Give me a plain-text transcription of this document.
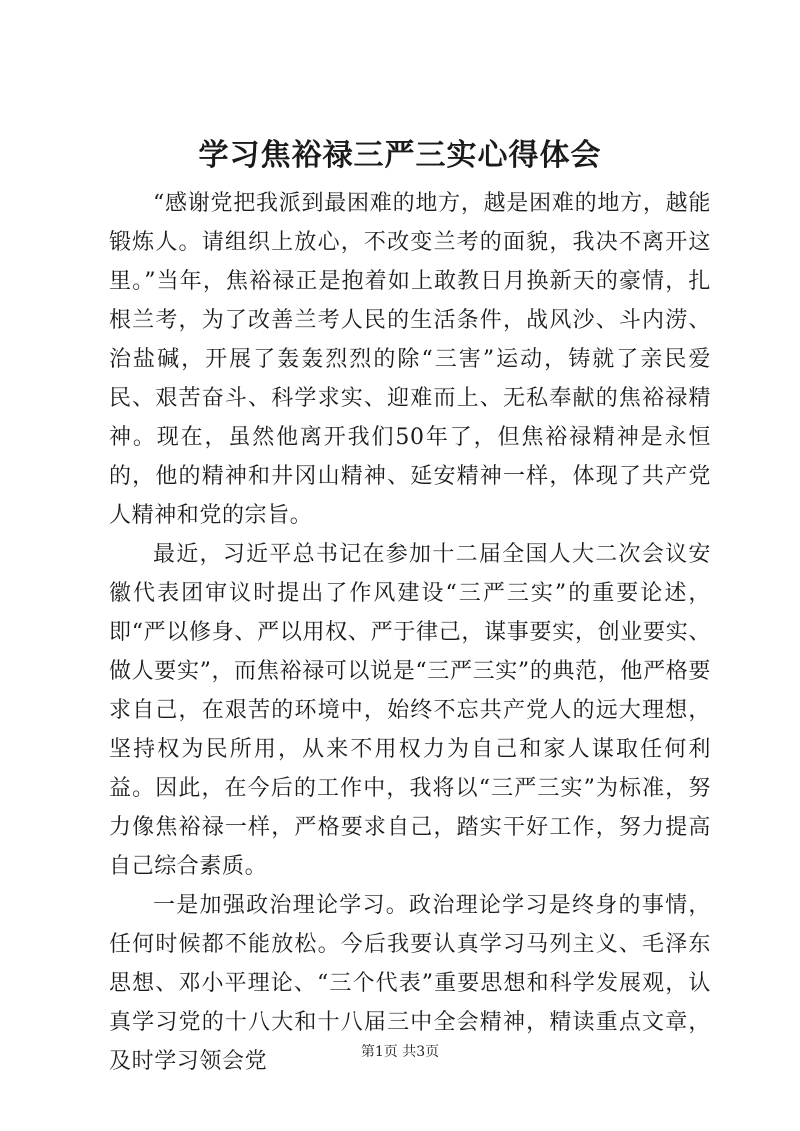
学习焦裕禄三严三实心得体会

“感谢党把我派到最困难的地方，越是困难的地方，越能锻炼人。请组织上放心，不改变兰考的面貌，我决不离开这里。”当年，焦裕禄正是抱着如上敢教日月换新天的豪情，扎根兰考，为了改善兰考人民的生活条件，战风沙、斗内涝、治盐碱，开展了轰轰烈烈的除“三害”运动，铸就了亲民爱民、艰苦奋斗、科学求实、迎难而上、无私奉献的焦裕禄精神。现在，虽然他离开我们50年了，但焦裕禄精神是永恒的，他的精神和井冈山精神、延安精神一样，体现了共产党人精神和党的宗旨。

最近，习近平总书记在参加十二届全国人大二次会议安徽代表团审议时提出了作风建设“三严三实”的重要论述，即“严以修身、严以用权、严于律己，谋事要实，创业要实、做人要实”，而焦裕禄可以说是“三严三实”的典范，他严格要求自己，在艰苦的环境中，始终不忘共产党人的远大理想，坚持权为民所用，从来不用权力为自己和家人谋取任何利益。因此，在今后的工作中，我将以“三严三实”为标准，努力像焦裕禄一样，严格要求自己，踏实干好工作，努力提高自己综合素质。

一是加强政治理论学习。政治理论学习是终身的事情，任何时候都不能放松。今后我要认真学习马列主义、毛泽东思想、邓小平理论、“三个代表”重要思想和科学发展观，认真学习党的十八大和十八届三中全会精神，精读重点文章，及时学习领会党	第1页 共3页
